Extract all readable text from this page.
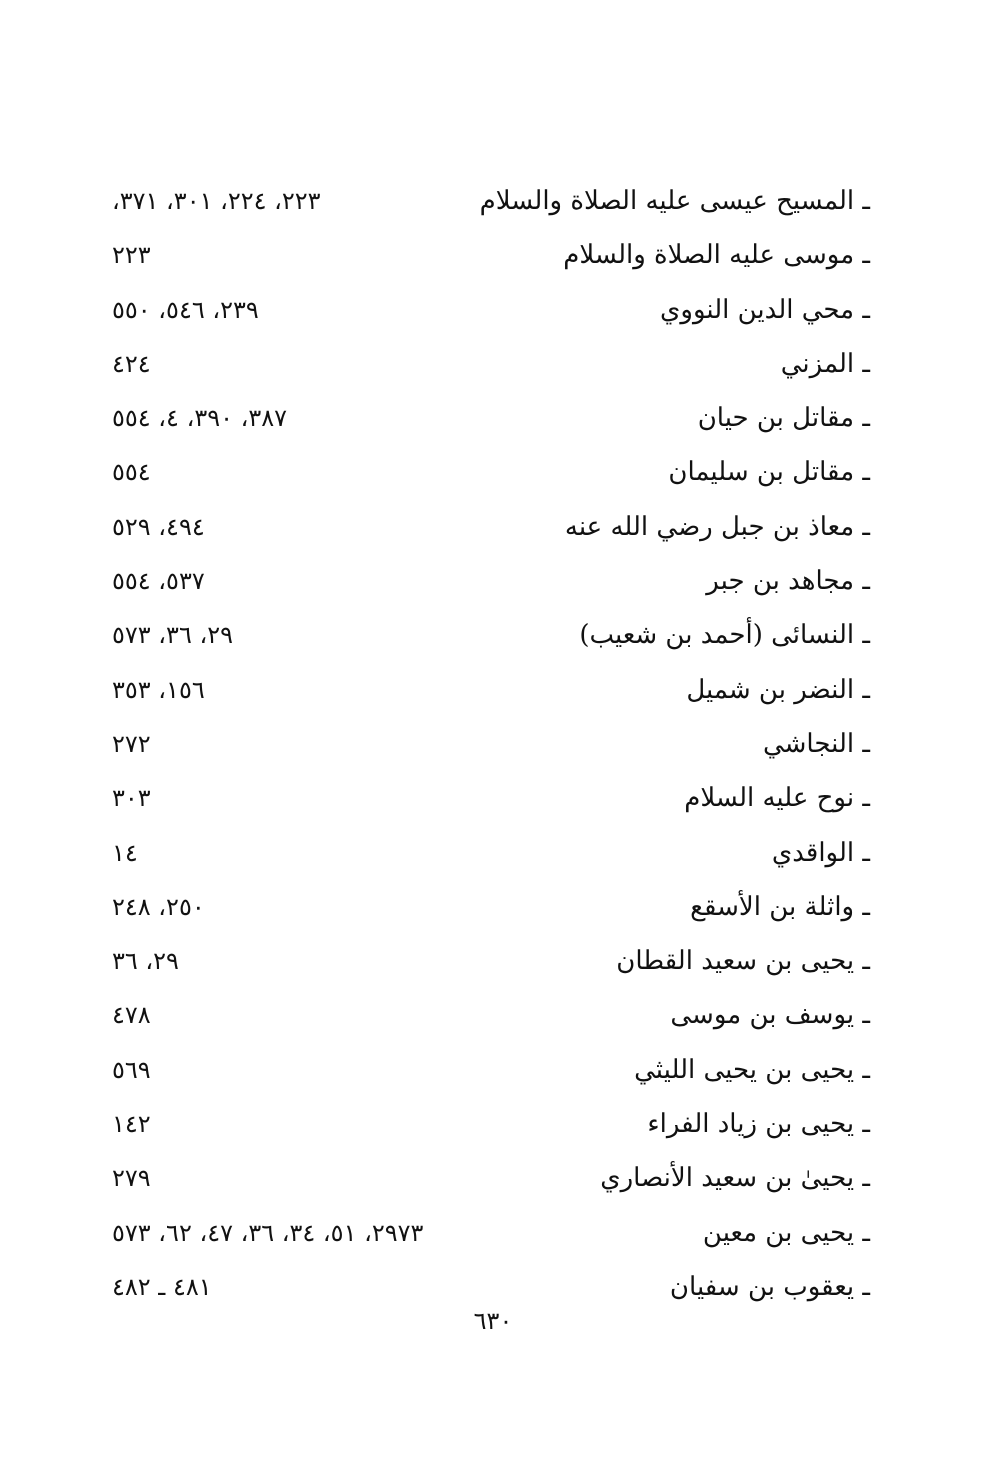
ـ المسيح عيسى عليه الصلاة والسلام
٢٢٣، ٢٢٤، ٣٠١، ٣٧١،
ـ موسى عليه الصلاة والسلام
٢٢٣
ـ محي الدين النووي
٢٣٩، ٥٤٦، ٥٥٠
ـ المزني
٤٢٤
ـ مقاتل بن حيان
٣٨٧، ٣٩٠، ٤، ٥٥٤
ـ مقاتل بن سليمان
٥٥٤
ـ معاذ بن جبل رضي الله عنه
٤٩٤، ٥٢٩
ـ مجاهد بن جبر
٥٣٧، ٥٥٤
ـ النسائى (أحمد بن شعيب)
٢٩، ٣٦، ٥٧٣
ـ النضر بن شميل
١٥٦، ٣٥٣
ـ النجاشي
٢٧٢
ـ نوح عليه السلام
٣٠٣
ـ الواقدي
١٤
ـ واثلة بن الأسقع
٢٥٠، ٢٤٨
ـ يحيى بن سعيد القطان
٢٩، ٣٦
ـ يوسف بن موسى
٤٧٨
ـ يحيى بن يحيى الليثي
٥٦٩
ـ يحيى بن زياد الفراء
١٤٢
ـ يحيىٰ بن سعيد الأنصاري
٢٧٩
ـ يحيى بن معين
٢٩٧٣، ٥١، ٣٤، ٣٦، ٤٧، ٦٢، ٥٧٣
ـ يعقوب بن سفيان
٤٨١ ـ ٤٨٢
٦٣٠
